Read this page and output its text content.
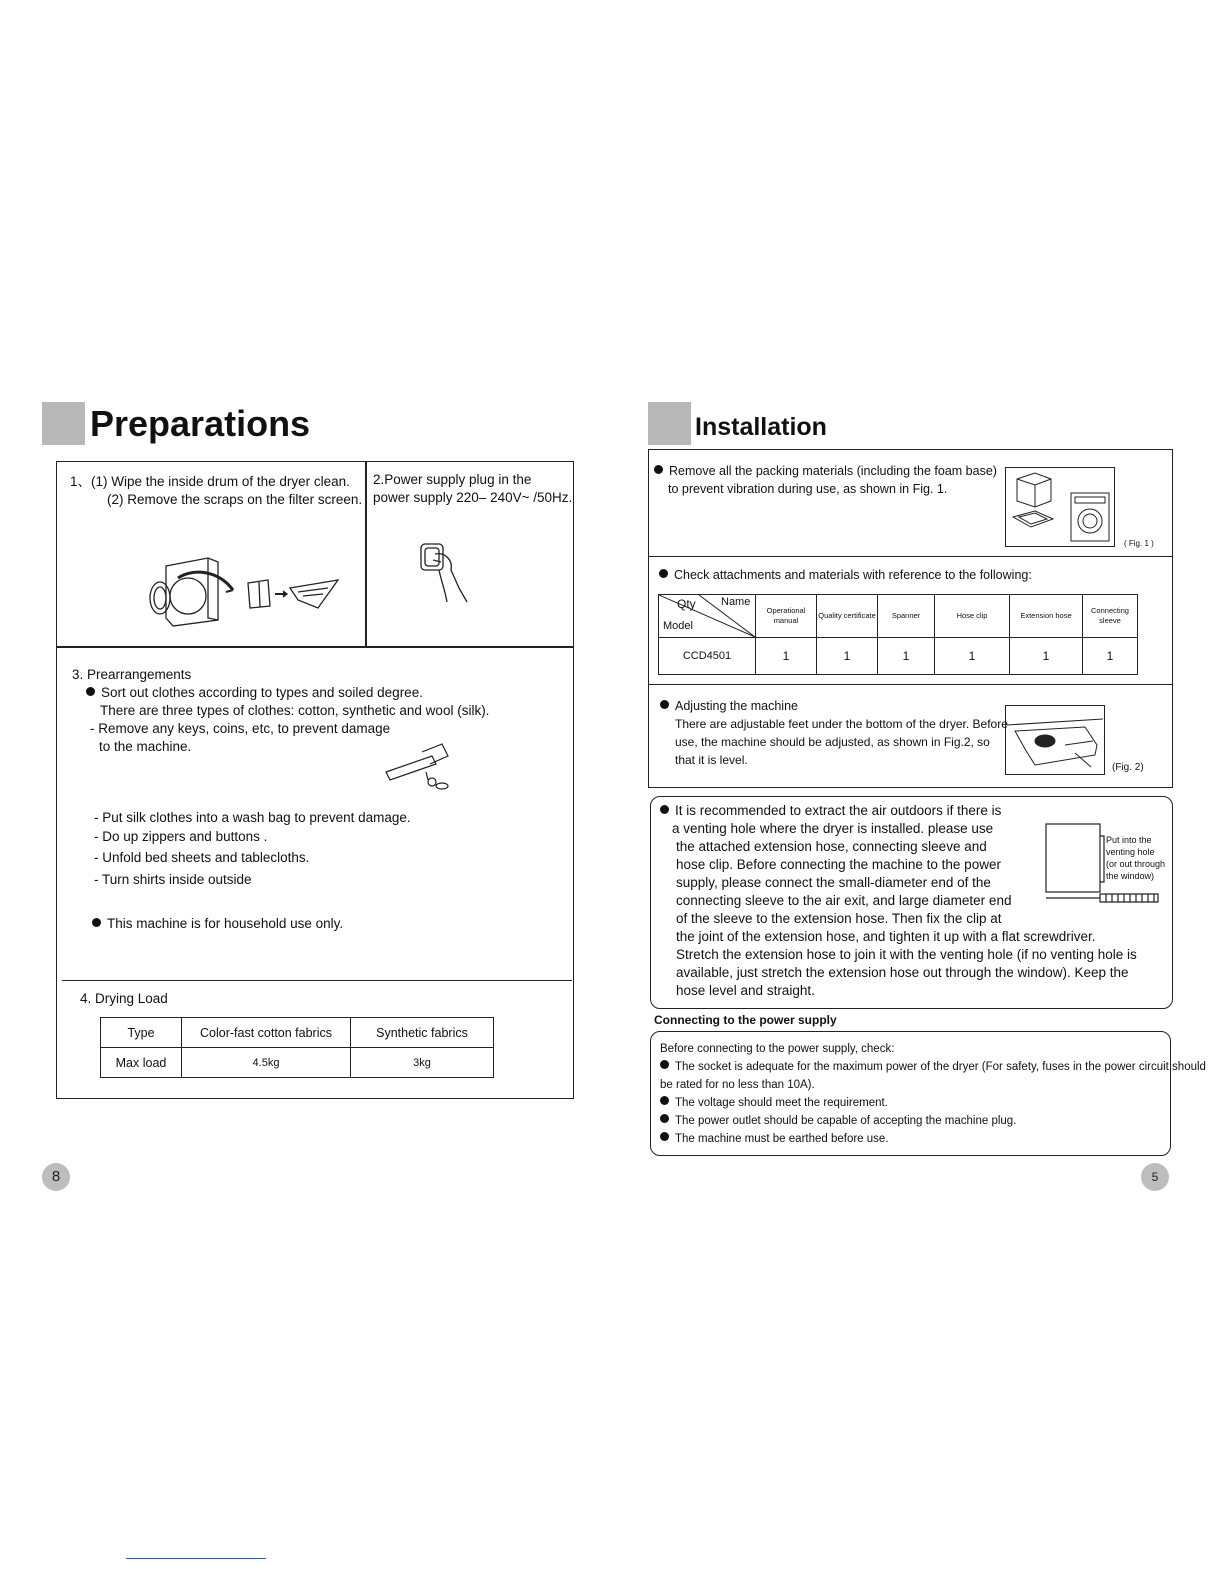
Preparations
1、(1) Wipe the inside drum of the dryer clean.
(2) Remove the scraps on the filter screen.
2.Power supply plug in the
power supply 220– 240V~ /50Hz.
3. Prearrangements
Sort out clothes according to types and soiled degree.
There are three types of clothes: cotton, synthetic and wool (silk).
- Remove any keys, coins, etc, to prevent damage
to the machine.
- Put silk clothes into a wash bag to prevent damage.
- Do up zippers and buttons .
- Unfold bed sheets and tablecloths.
- Turn shirts inside outside
This machine is for household use only.
4. Drying Load
Type	Color-fast cotton fabrics	Synthetic fabrics
Max load	4.5kg	3kg
8
Installation
Remove all the packing materials (including the foam base)
to prevent vibration during use, as shown in Fig. 1.
( Fig. 1 )
Check attachments and materials with reference to the following:
Qty Name
Model	Operational manual	Quality certificate	Spanner	Hose clip	Extension hose	Connecting sleeve
CCD4501	1	1	1	1	1	1
Adjusting the machine
There are adjustable feet under the bottom of the dryer. Before
use, the machine should be adjusted, as shown in Fig.2, so
that it is level.
(Fig. 2)
It is recommended to extract the air outdoors if there is
a venting hole where the dryer is installed. please use
the attached extension hose, connecting sleeve and
hose clip. Before connecting the machine to the power
supply, please connect the small-diameter end of the
connecting sleeve to the air exit, and large diameter end
of the sleeve to the extension hose. Then fix the clip at
the joint of the extension hose, and tighten it up with a flat screwdriver.
Stretch the extension hose to join it with the venting hole (if no venting hole is
available, just stretch the extension hose out through the window). Keep the
hose level and straight.
Put into the
venting hole
(or out through
the window)
Connecting to the power supply
Before connecting to the power supply, check:
The socket is adequate for the maximum power of the dryer (For safety, fuses in the power circuit should
be rated for no less than 10A).
The voltage should meet the requirement.
The power outlet should be capable of accepting the machine plug.
The machine must be earthed before use.
5
